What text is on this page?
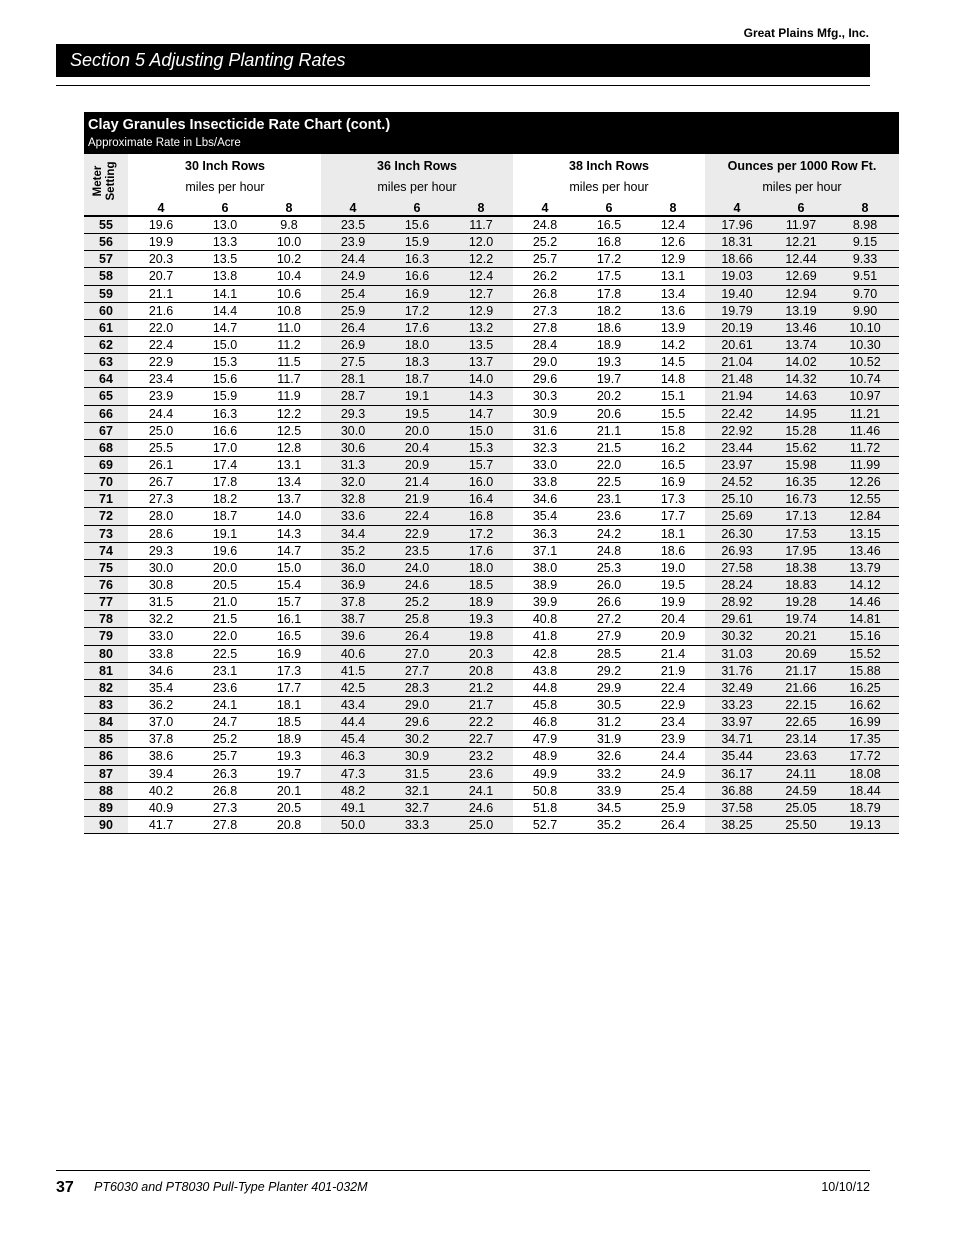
Great Plains Mfg., Inc.
Section 5 Adjusting Planting Rates
Clay Granules Insecticide Rate Chart (cont.)
Approximate Rate in Lbs/Acre
Meter Setting	30 Inch Rows
miles per hour
36 Inch Rows
miles per hour
38 Inch Rows
miles per hour
Ounces per 1000 Row Ft.
miles per hour
4	6	8	4	6	8	4	6	8	4	6	8
55	19.6	13.0	9.8	23.5	15.6	11.7	24.8	16.5	12.4	17.96	11.97	8.98
56	19.9	13.3	10.0	23.9	15.9	12.0	25.2	16.8	12.6	18.31	12.21	9.15
57	20.3	13.5	10.2	24.4	16.3	12.2	25.7	17.2	12.9	18.66	12.44	9.33
58	20.7	13.8	10.4	24.9	16.6	12.4	26.2	17.5	13.1	19.03	12.69	9.51
59	21.1	14.1	10.6	25.4	16.9	12.7	26.8	17.8	13.4	19.40	12.94	9.70
60	21.6	14.4	10.8	25.9	17.2	12.9	27.3	18.2	13.6	19.79	13.19	9.90
61	22.0	14.7	11.0	26.4	17.6	13.2	27.8	18.6	13.9	20.19	13.46	10.10
62	22.4	15.0	11.2	26.9	18.0	13.5	28.4	18.9	14.2	20.61	13.74	10.30
63	22.9	15.3	11.5	27.5	18.3	13.7	29.0	19.3	14.5	21.04	14.02	10.52
64	23.4	15.6	11.7	28.1	18.7	14.0	29.6	19.7	14.8	21.48	14.32	10.74
65	23.9	15.9	11.9	28.7	19.1	14.3	30.3	20.2	15.1	21.94	14.63	10.97
66	24.4	16.3	12.2	29.3	19.5	14.7	30.9	20.6	15.5	22.42	14.95	11.21
67	25.0	16.6	12.5	30.0	20.0	15.0	31.6	21.1	15.8	22.92	15.28	11.46
68	25.5	17.0	12.8	30.6	20.4	15.3	32.3	21.5	16.2	23.44	15.62	11.72
69	26.1	17.4	13.1	31.3	20.9	15.7	33.0	22.0	16.5	23.97	15.98	11.99
70	26.7	17.8	13.4	32.0	21.4	16.0	33.8	22.5	16.9	24.52	16.35	12.26
71	27.3	18.2	13.7	32.8	21.9	16.4	34.6	23.1	17.3	25.10	16.73	12.55
72	28.0	18.7	14.0	33.6	22.4	16.8	35.4	23.6	17.7	25.69	17.13	12.84
73	28.6	19.1	14.3	34.4	22.9	17.2	36.3	24.2	18.1	26.30	17.53	13.15
74	29.3	19.6	14.7	35.2	23.5	17.6	37.1	24.8	18.6	26.93	17.95	13.46
75	30.0	20.0	15.0	36.0	24.0	18.0	38.0	25.3	19.0	27.58	18.38	13.79
76	30.8	20.5	15.4	36.9	24.6	18.5	38.9	26.0	19.5	28.24	18.83	14.12
77	31.5	21.0	15.7	37.8	25.2	18.9	39.9	26.6	19.9	28.92	19.28	14.46
78	32.2	21.5	16.1	38.7	25.8	19.3	40.8	27.2	20.4	29.61	19.74	14.81
79	33.0	22.0	16.5	39.6	26.4	19.8	41.8	27.9	20.9	30.32	20.21	15.16
80	33.8	22.5	16.9	40.6	27.0	20.3	42.8	28.5	21.4	31.03	20.69	15.52
81	34.6	23.1	17.3	41.5	27.7	20.8	43.8	29.2	21.9	31.76	21.17	15.88
82	35.4	23.6	17.7	42.5	28.3	21.2	44.8	29.9	22.4	32.49	21.66	16.25
83	36.2	24.1	18.1	43.4	29.0	21.7	45.8	30.5	22.9	33.23	22.15	16.62
84	37.0	24.7	18.5	44.4	29.6	22.2	46.8	31.2	23.4	33.97	22.65	16.99
85	37.8	25.2	18.9	45.4	30.2	22.7	47.9	31.9	23.9	34.71	23.14	17.35
86	38.6	25.7	19.3	46.3	30.9	23.2	48.9	32.6	24.4	35.44	23.63	17.72
87	39.4	26.3	19.7	47.3	31.5	23.6	49.9	33.2	24.9	36.17	24.11	18.08
88	40.2	26.8	20.1	48.2	32.1	24.1	50.8	33.9	25.4	36.88	24.59	18.44
89	40.9	27.3	20.5	49.1	32.7	24.6	51.8	34.5	25.9	37.58	25.05	18.79
90	41.7	27.8	20.8	50.0	33.3	25.0	52.7	35.2	26.4	38.25	25.50	19.13
37 PT6030 and PT8030 Pull-Type Planter 401-032M	10/10/12
